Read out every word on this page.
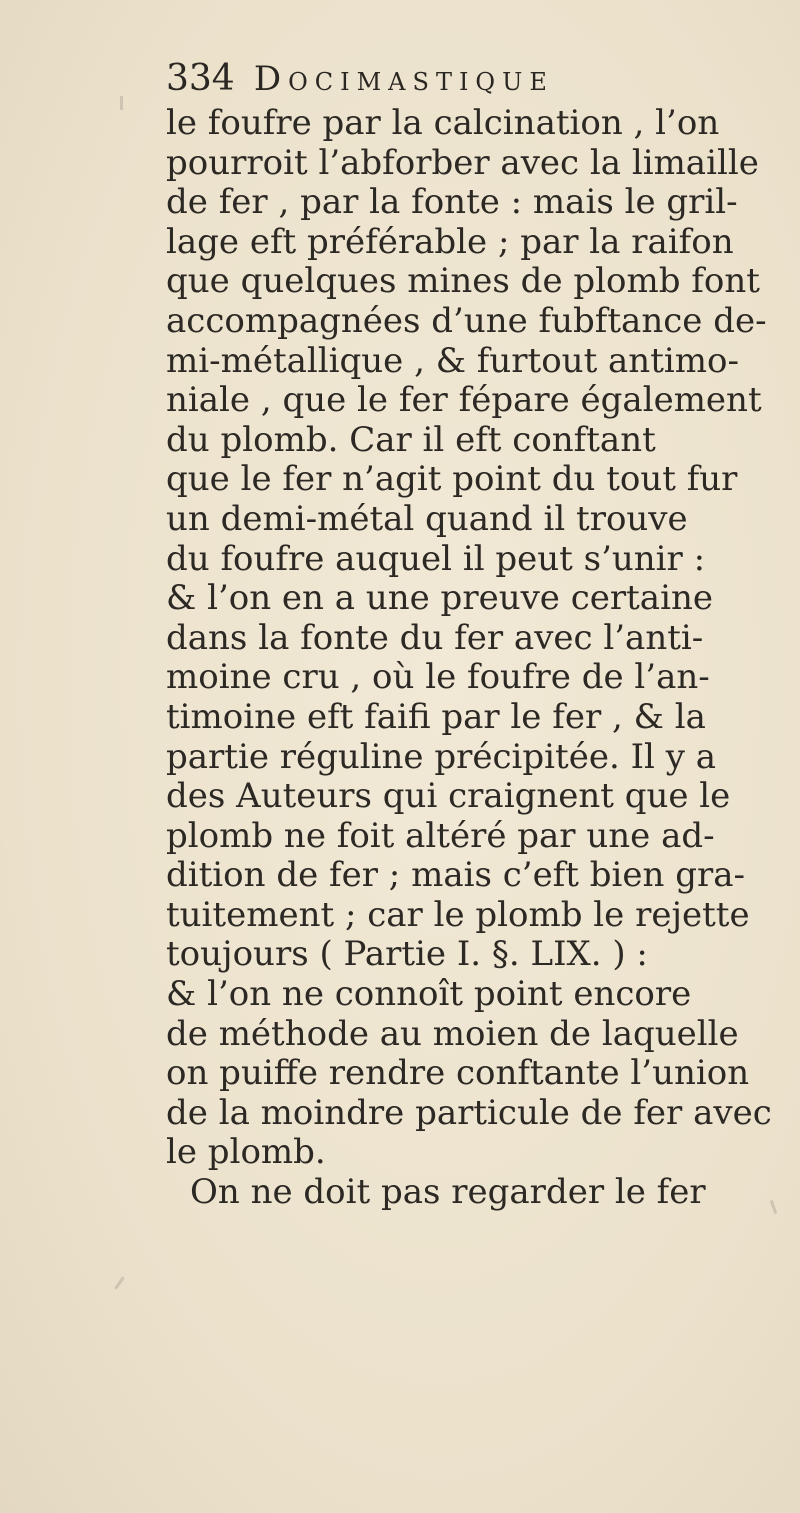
334 Docimastique
le foufre par la calcination , l’on
pourroit l’abforber avec la limaille
de fer , par la fonte : mais le gril-
lage eft préférable ; par la raifon
que quelques mines de plomb font
accompagnées d’une fubftance de-
mi-métallique , & furtout antimo-
niale , que le fer fépare également
du plomb. Car il eft conftant
que le fer n’agit point du tout fur
un demi-métal quand il trouve
du foufre auquel il peut s’unir :
& l’on en a une preuve certaine
dans la fonte du fer avec l’anti-
moine cru , où le foufre de l’an-
timoine eft faifi par le fer , & la
partie réguline précipitée. Il y a
des Auteurs qui craignent que le
plomb ne foit altéré par une ad-
dition de fer ; mais c’eft bien gra-
tuitement ; car le plomb le rejette
toujours ( Partie I. §. LIX. ) :
& l’on ne connoît point encore
de méthode au moien de laquelle
on puiffe rendre conftante l’union
de la moindre particule de fer avec
le plomb.
On ne doit pas regarder le fer
